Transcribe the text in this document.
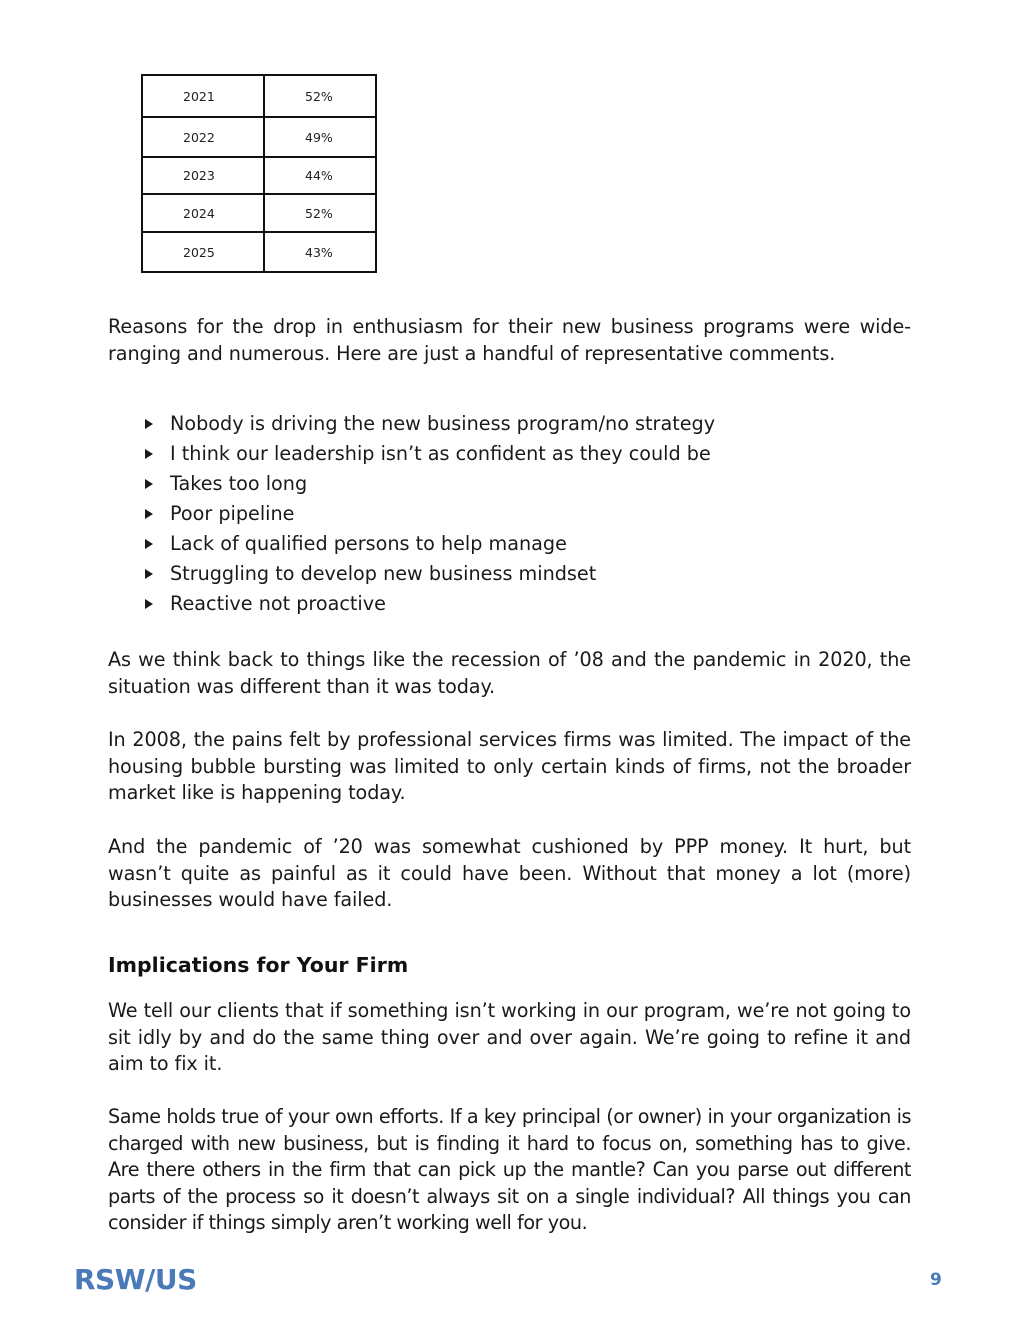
2021	52%
2022	49%
2023	44%
2024	52%
2025	43%

Reasons for the drop in enthusiasm for their new business programs were wide-ranging and numerous. Here are just a handful of representative comments.

Nobody is driving the new business program/no strategy
I think our leadership isn’t as confident as they could be
Takes too long
Poor pipeline
Lack of qualified persons to help manage
Struggling to develop new business mindset
Reactive not proactive

As we think back to things like the recession of ’08 and the pandemic in 2020, the situation was different than it was today.

In 2008, the pains felt by professional services firms was limited. The impact of the housing bubble bursting was limited to only certain kinds of firms, not the broader market like is happening today.

And the pandemic of ’20 was somewhat cushioned by PPP money. It hurt, but wasn’t quite as painful as it could have been. Without that money a lot (more) businesses would have failed.

Implications for Your Firm

We tell our clients that if something isn’t working in our program, we’re not going to sit idly by and do the same thing over and over again. We’re going to refine it and aim to fix it.

Same holds true of your own efforts. If a key principal (or owner) in your organization is charged with new business, but is finding it hard to focus on, something has to give. Are there others in the firm that can pick up the mantle? Can you parse out different parts of the process so it doesn’t always sit on a single individual? All things you can consider if things simply aren’t working well for you.

RSW/US	9
